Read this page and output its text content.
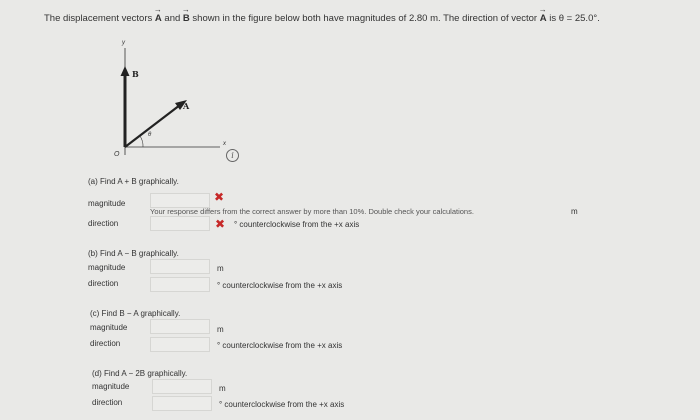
The displacement vectors → A and → B shown in the figure below both have magnitudes of 2.80 m. The direction of vector → A is θ = 25.0°.
y
x
O
B
A
θ
i
(a) Find A + B graphically.
✖
magnitude
Your response differs from the correct answer by more than 10%. Double check your calculations.	m
direction	✖ ° counterclockwise from the +x axis
(b) Find A − B graphically.
magnitude	m
direction	° counterclockwise from the +x axis
(c) Find B − A graphically.
magnitude	m
direction	° counterclockwise from the +x axis
(d) Find A − 2B graphically.
magnitude	m
direction	° counterclockwise from the +x axis
